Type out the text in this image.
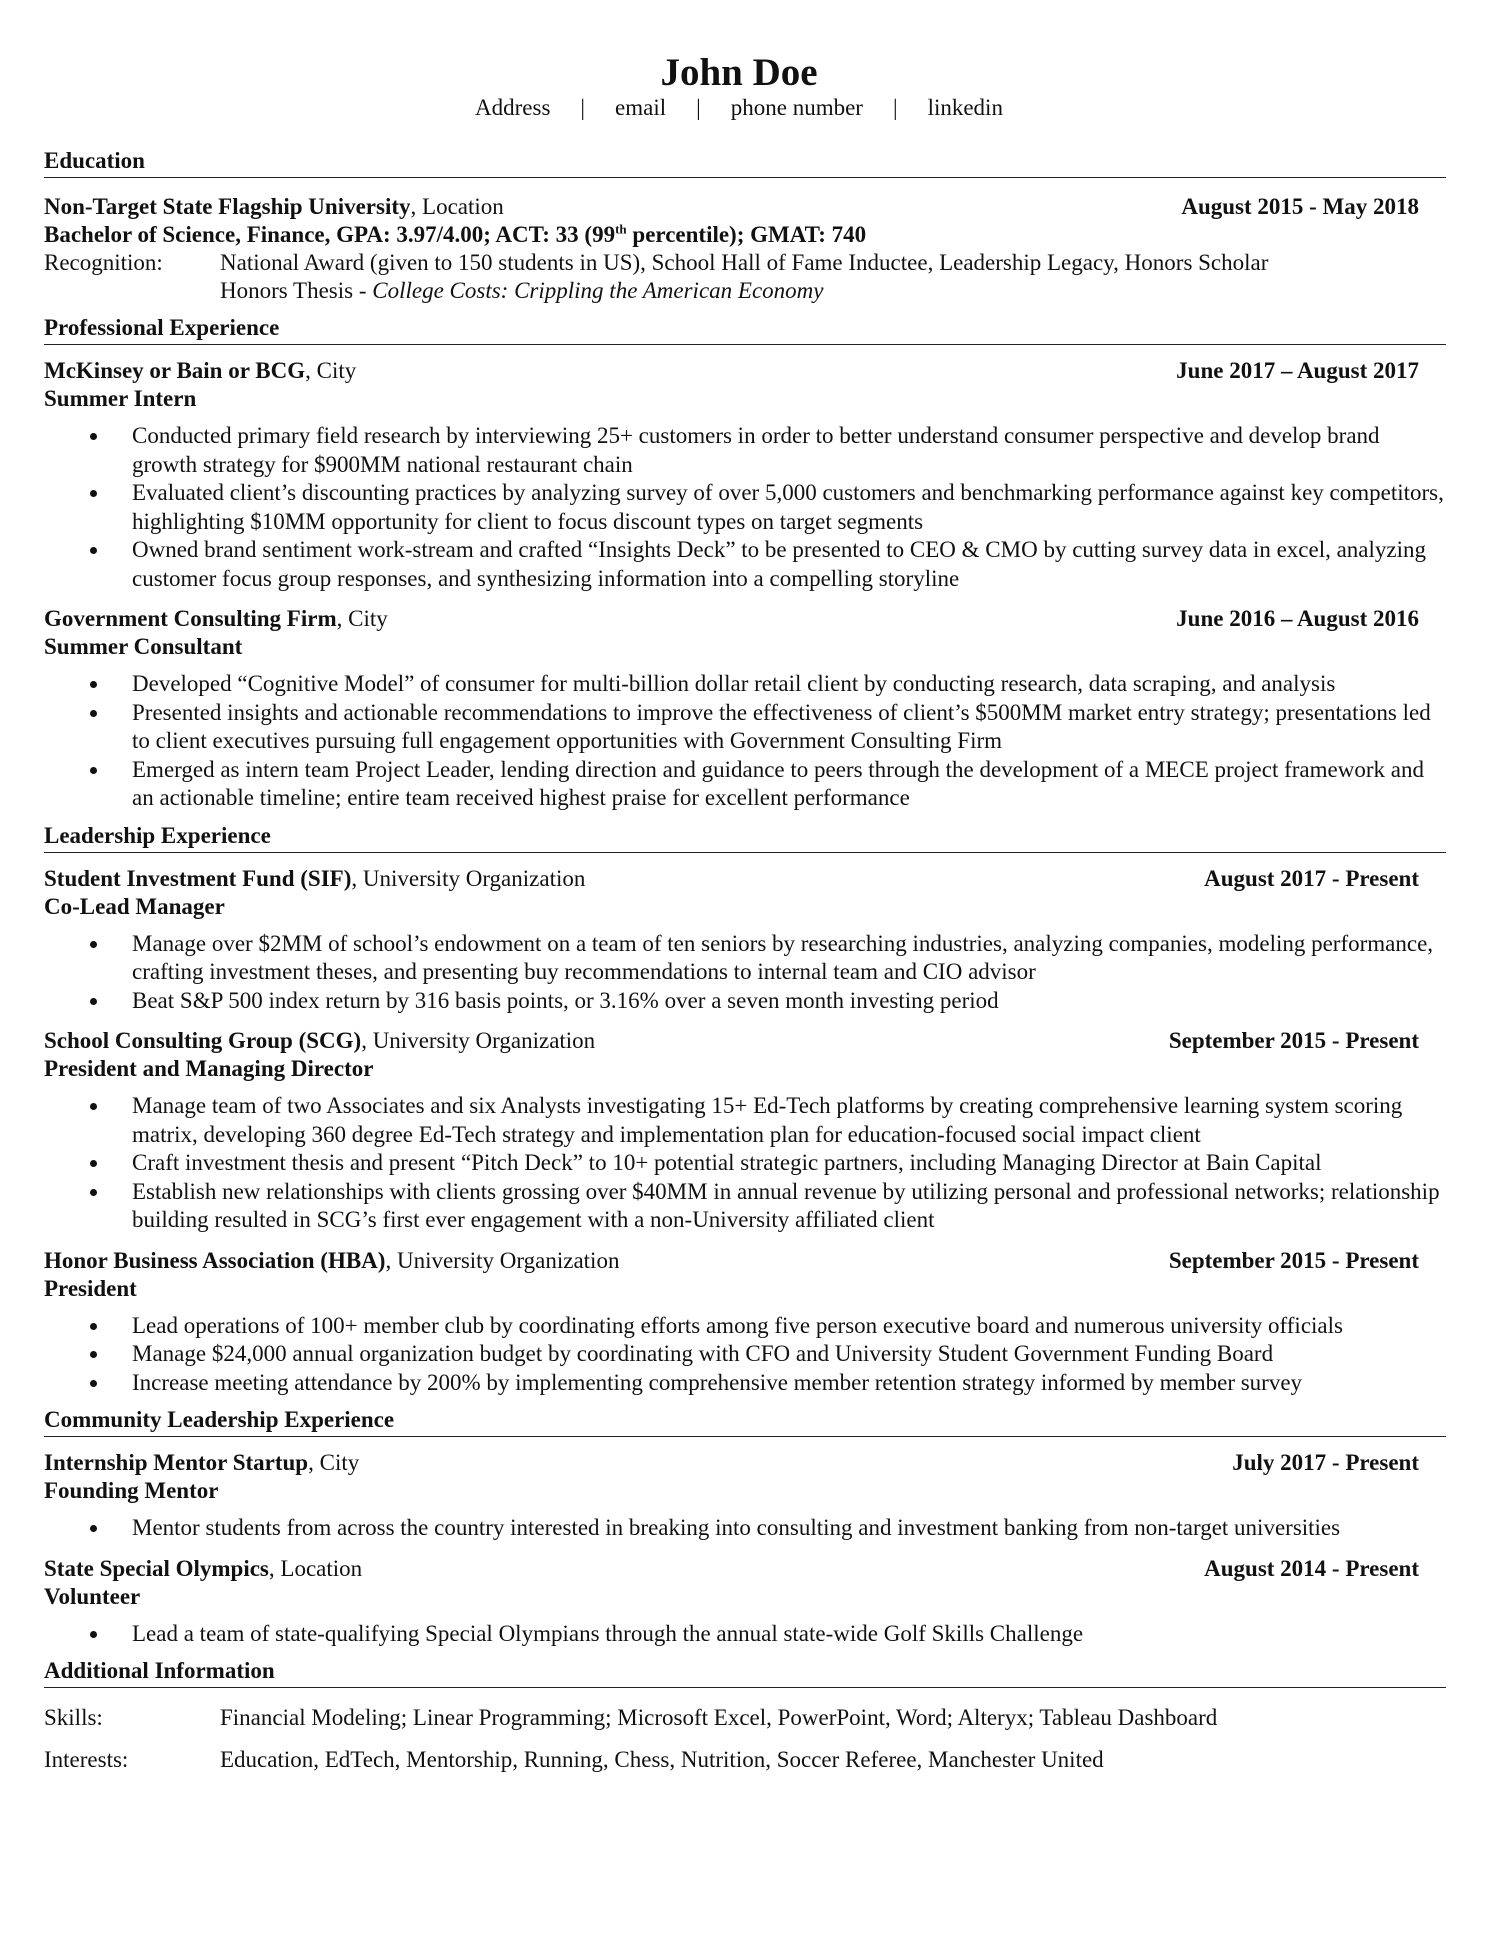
John Doe
Address | email | phone number | linkedin
Education
Non-Target State Flagship University, Location	August 2015 - May 2018
Bachelor of Science, Finance, GPA: 3.97/4.00; ACT: 33 (99th percentile); GMAT: 740
Recognition:	National Award (given to 150 students in US), School Hall of Fame Inductee, Leadership Legacy, Honors Scholar
Honors Thesis - College Costs: Crippling the American Economy
Professional Experience
McKinsey or Bain or BCG, City	June 2017 – August 2017
Summer Intern
Conducted primary field research by interviewing 25+ customers in order to better understand consumer perspective and develop brand growth strategy for $900MM national restaurant chain
Evaluated client’s discounting practices by analyzing survey of over 5,000 customers and benchmarking performance against key competitors, highlighting $10MM opportunity for client to focus discount types on target segments
Owned brand sentiment work-stream and crafted “Insights Deck” to be presented to CEO & CMO by cutting survey data in excel, analyzing customer focus group responses, and synthesizing information into a compelling storyline
Government Consulting Firm, City	June 2016 – August 2016
Summer Consultant
Developed “Cognitive Model” of consumer for multi-billion dollar retail client by conducting research, data scraping, and analysis
Presented insights and actionable recommendations to improve the effectiveness of client’s $500MM market entry strategy; presentations led to client executives pursuing full engagement opportunities with Government Consulting Firm
Emerged as intern team Project Leader, lending direction and guidance to peers through the development of a MECE project framework and an actionable timeline; entire team received highest praise for excellent performance
Leadership Experience
Student Investment Fund (SIF), University Organization	August 2017 - Present
Co-Lead Manager
Manage over $2MM of school’s endowment on a team of ten seniors by researching industries, analyzing companies, modeling performance, crafting investment theses, and presenting buy recommendations to internal team and CIO advisor
Beat S&P 500 index return by 316 basis points, or 3.16% over a seven month investing period
School Consulting Group (SCG), University Organization	September 2015 - Present
President and Managing Director
Manage team of two Associates and six Analysts investigating 15+ Ed-Tech platforms by creating comprehensive learning system scoring matrix, developing 360 degree Ed-Tech strategy and implementation plan for education-focused social impact client
Craft investment thesis and present “Pitch Deck” to 10+ potential strategic partners, including Managing Director at Bain Capital
Establish new relationships with clients grossing over $40MM in annual revenue by utilizing personal and professional networks; relationship building resulted in SCG’s first ever engagement with a non-University affiliated client
Honor Business Association (HBA), University Organization	September 2015 - Present
President
Lead operations of 100+ member club by coordinating efforts among five person executive board and numerous university officials
Manage $24,000 annual organization budget by coordinating with CFO and University Student Government Funding Board
Increase meeting attendance by 200% by implementing comprehensive member retention strategy informed by member survey
Community Leadership Experience
Internship Mentor Startup, City	July 2017 - Present
Founding Mentor
Mentor students from across the country interested in breaking into consulting and investment banking from non-target universities
State Special Olympics, Location	August 2014 - Present
Volunteer
Lead a team of state-qualifying Special Olympians through the annual state-wide Golf Skills Challenge
Additional Information
Skills:	Financial Modeling; Linear Programming; Microsoft Excel, PowerPoint, Word; Alteryx; Tableau Dashboard
Interests:	Education, EdTech, Mentorship, Running, Chess, Nutrition, Soccer Referee, Manchester United
